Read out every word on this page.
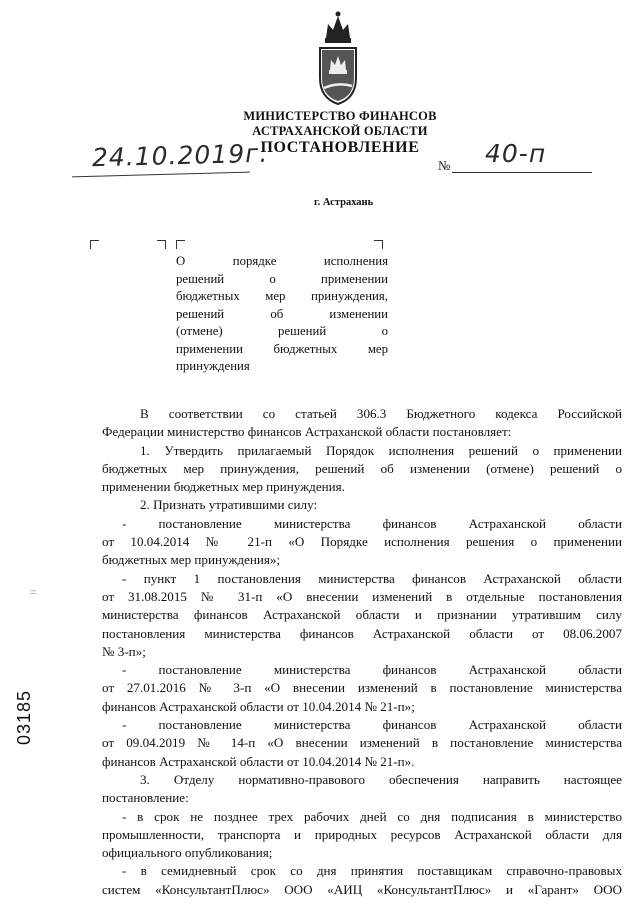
МИНИСТЕРСТВО ФИНАНСОВ
АСТРАХАНСКОЙ ОБЛАСТИ
ПОСТАНОВЛЕНИЕ
24.10.2019г.	№ 40-п
г. Астрахань
О порядке исполнения
решений о применении
бюджетных мер принуждения,
решений об изменении
(отмене) решений о
применении бюджетных мер
принуждения
В соответствии со статьей 306.3 Бюджетного кодекса Российской
Федерации министерство финансов Астраханской области постановляет:
1. Утвердить прилагаемый Порядок исполнения решений о применении
бюджетных мер принуждения, решений об изменении (отмене) решений о
применении бюджетных мер принуждения.
2. Признать утратившими силу:
- постановление министерства финансов Астраханской области
от 10.04.2014 № 21-п «О Порядке исполнения решения о применении
бюджетных мер принуждения»;
- пункт 1 постановления министерства финансов Астраханской области
от 31.08.2015 № 31-п «О внесении изменений в отдельные постановления
министерства финансов Астраханской области и признании утратившим силу
постановления министерства финансов Астраханской области от 08.06.2007
№ 3-п»;
- постановление министерства финансов Астраханской области
от 27.01.2016 № 3-п «О внесении изменений в постановление министерства
финансов Астраханской области от 10.04.2014 № 21-п»;
- постановление министерства финансов Астраханской области
от 09.04.2019 № 14-п «О внесении изменений в постановление министерства
финансов Астраханской области от 10.04.2014 № 21-п».
3. Отделу нормативно-правового обеспечения направить настоящее
постановление:
- в срок не позднее трех рабочих дней со дня подписания в министерство
промышленности, транспорта и природных ресурсов Астраханской области для
официального опубликования;
- в семидневный срок со дня принятия поставщикам справочно-правовых
систем «КонсультантПлюс» ООО «АИЦ «КонсультантПлюс» и «Гарант» ООО
=
03185
